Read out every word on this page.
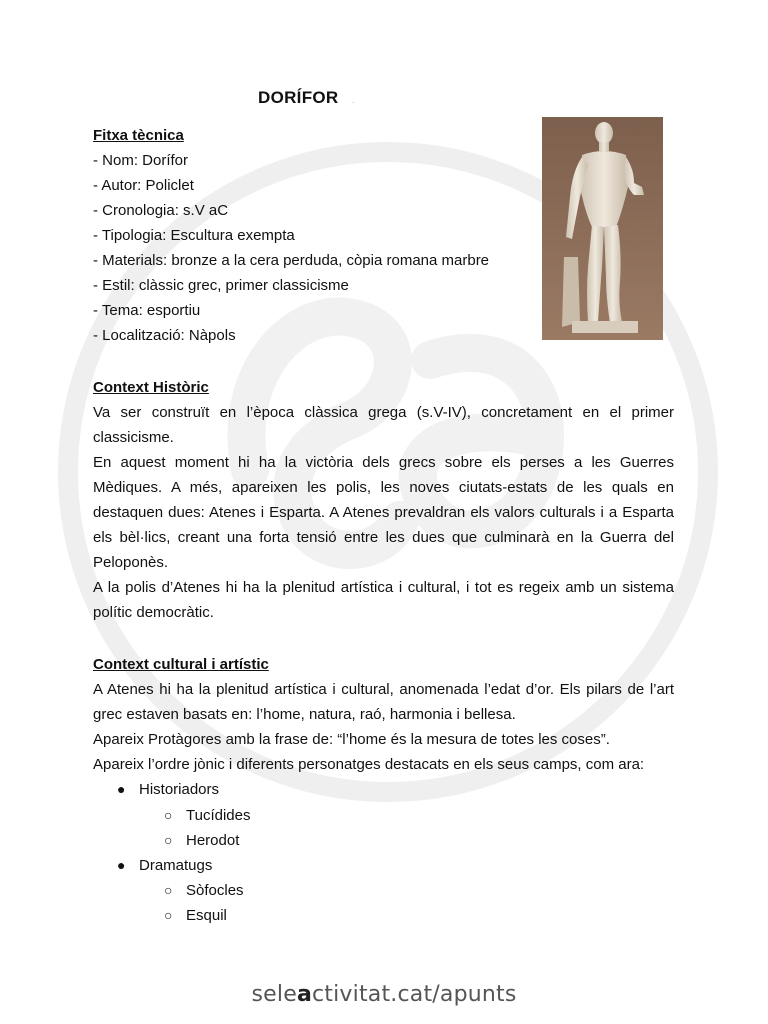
DORÍFOR .
Fitxa tècnica
- Nom: Dorífor
- Autor: Policlet
- Cronologia: s.V aC
- Tipologia: Escultura exempta
- Materials: bronze a la cera perduda, còpia romana marbre
- Estil: clàssic grec, primer classicisme
- Tema: esportiu
- Localització: Nàpols
Context Històric

Va ser construït en l’època clàssica grega (s.V-IV), concretament en el primer classicisme.

En aquest moment hi ha la victòria dels grecs sobre els perses a les Guerres Mèdiques. A més, apareixen les polis, les noves ciutats-estats de les quals en destaquen dues: Atenes i Esparta. A Atenes prevaldran els valors culturals i a Esparta els bèl·lics, creant una forta tensió entre les dues que culminarà en la Guerra del Peloponès.

A la polis d’Atenes hi ha la plenitud artística i cultural, i tot es regeix amb un sistema polític democràtic.

Context cultural i artístic

A Atenes hi ha la plenitud artística i cultural, anomenada l’edat d’or. Els pilars de l’art grec estaven basats en: l’home, natura, raó, harmonia i bellesa.

Apareix Protàgores amb la frase de: “l’home és la mesura de totes les coses”.

Apareix l’ordre jònic i diferents personatges destacats en els seus camps, com ara:

● Historiadors
○ Tucídides
○ Herodot
● Dramatugs
○ Sòfocles
○ Esquil
seleactivitat.cat/apunts
